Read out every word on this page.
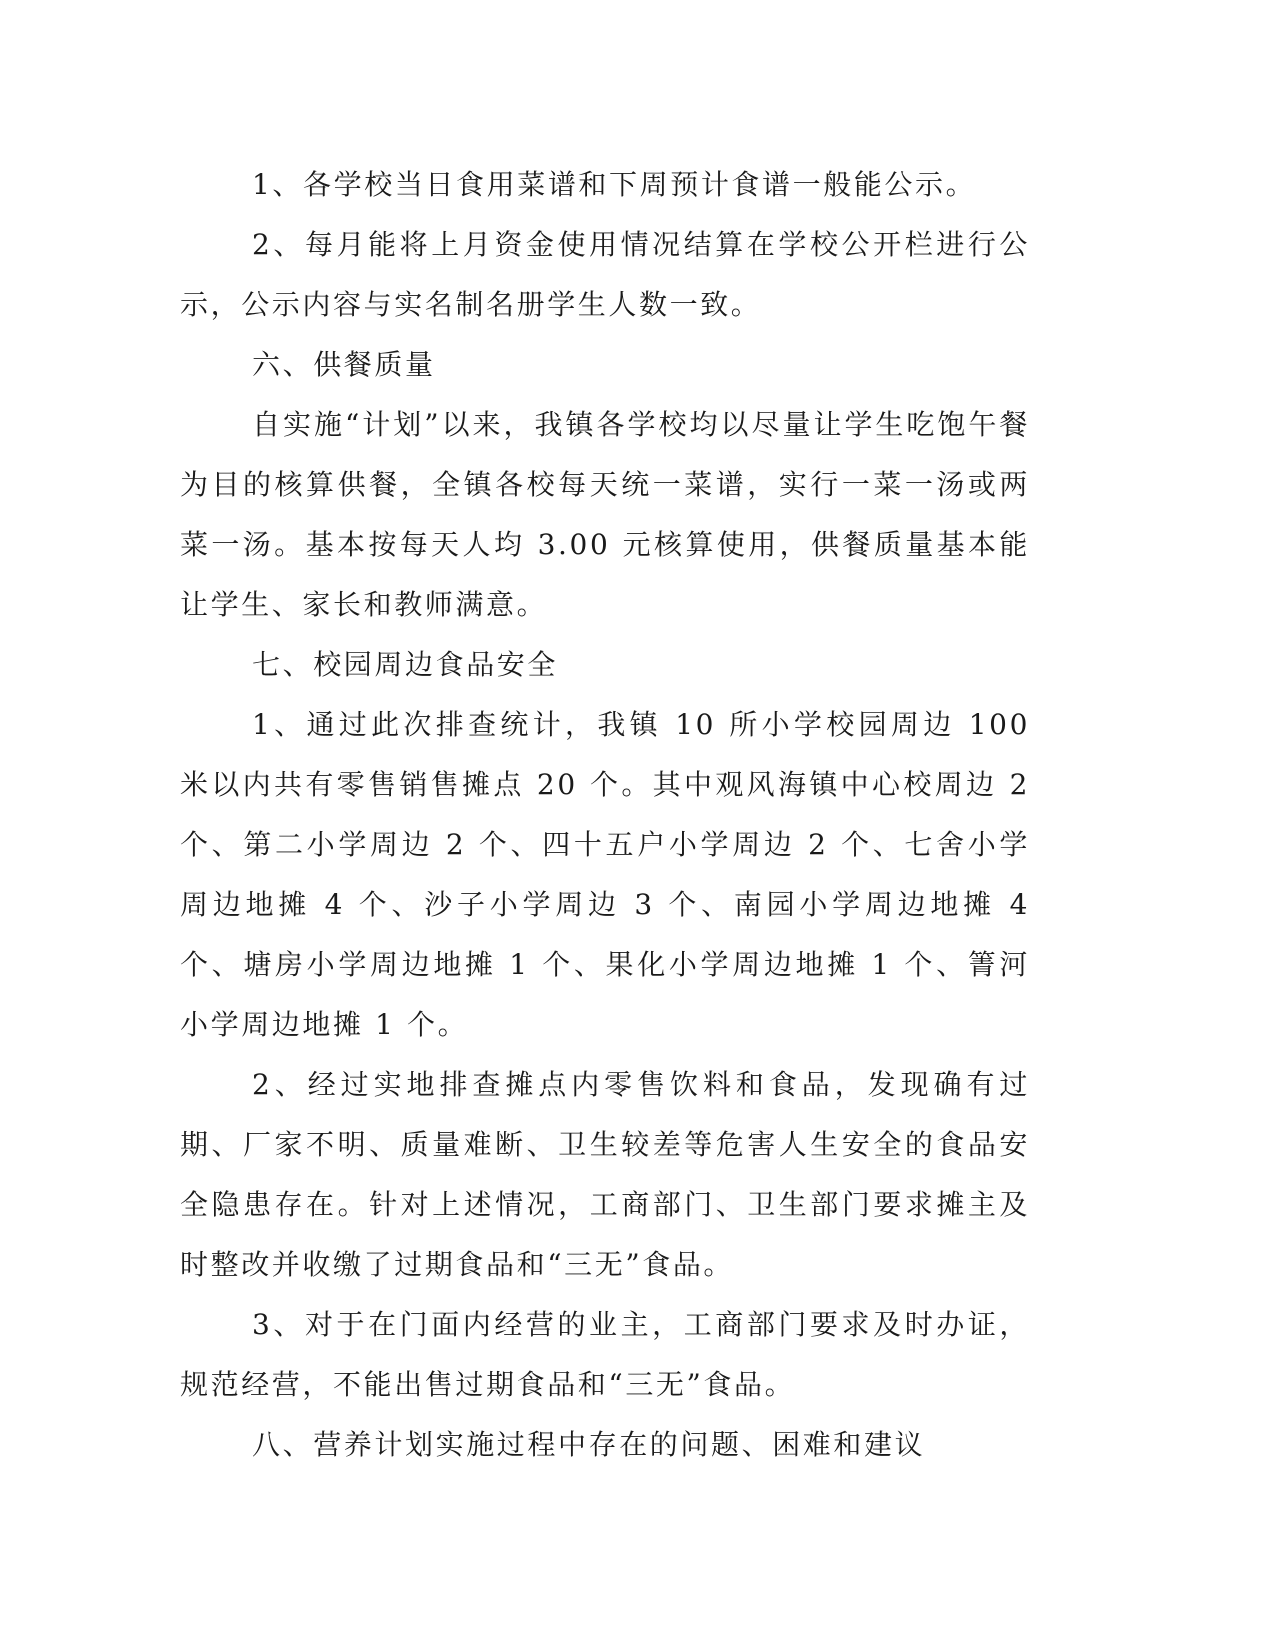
1、各学校当日食用菜谱和下周预计食谱一般能公示。

2、每月能将上月资金使用情况结算在学校公开栏进行公示，公示内容与实名制名册学生人数一致。

六、供餐质量

自实施“计划”以来，我镇各学校均以尽量让学生吃饱午餐为目的核算供餐，全镇各校每天统一菜谱，实行一菜一汤或两菜一汤。基本按每天人均 3.00 元核算使用，供餐质量基本能让学生、家长和教师满意。

七、校园周边食品安全

1、通过此次排查统计，我镇 10 所小学校园周边 100 米以内共有零售销售摊点 20 个。其中观风海镇中心校周边 2 个、第二小学周边 2 个、四十五户小学周边 2 个、七舍小学周边地摊 4 个、沙子小学周边 3 个、南园小学周边地摊 4 个、塘房小学周边地摊 1 个、果化小学周边地摊 1 个、箐河小学周边地摊 1 个。

2、经过实地排查摊点内零售饮料和食品，发现确有过期、厂家不明、质量难断、卫生较差等危害人生安全的食品安全隐患存在。针对上述情况，工商部门、卫生部门要求摊主及时整改并收缴了过期食品和“三无”食品。

3、对于在门面内经营的业主，工商部门要求及时办证，规范经营，不能出售过期食品和“三无”食品。

八、营养计划实施过程中存在的问题、困难和建议
